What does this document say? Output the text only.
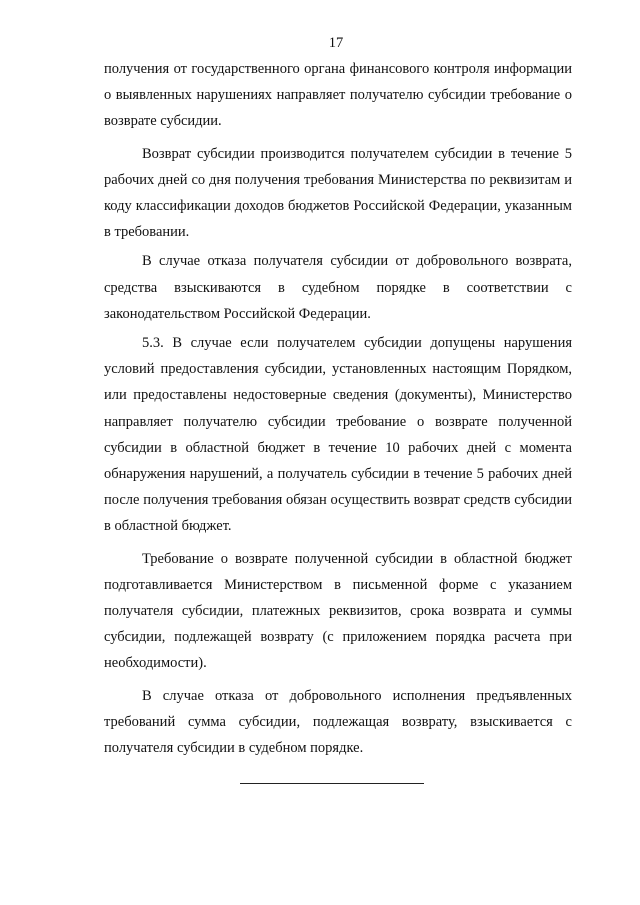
17

получения от государственного органа финансового контроля информации о выявленных нарушениях направляет получателю субсидии требование о возврате субсидии.

Возврат субсидии производится получателем субсидии в течение 5 рабочих дней со дня получения требования Министерства по реквизитам и коду классификации доходов бюджетов Российской Федерации, указанным в требовании.

В случае отказа получателя субсидии от добровольного возврата, средства взыскиваются в судебном порядке в соответствии с законодательством Российской Федерации.

5.3. В случае если получателем субсидии допущены нарушения условий предоставления субсидии, установленных настоящим Порядком, или предоставлены недостоверные сведения (документы), Министерство направляет получателю субсидии требование о возврате полученной субсидии в областной бюджет в течение 10 рабочих дней с момента обнаружения нарушений, а получатель субсидии в течение 5 рабочих дней после получения требования обязан осуществить возврат средств субсидии в областной бюджет.

Требование о возврате полученной субсидии в областной бюджет подготавливается Министерством в письменной форме с указанием получателя субсидии, платежных реквизитов, срока возврата и суммы субсидии, подлежащей возврату (с приложением порядка расчета при необходимости).

В случае отказа от добровольного исполнения предъявленных требований сумма субсидии, подлежащая возврату, взыскивается с получателя субсидии в судебном порядке.
